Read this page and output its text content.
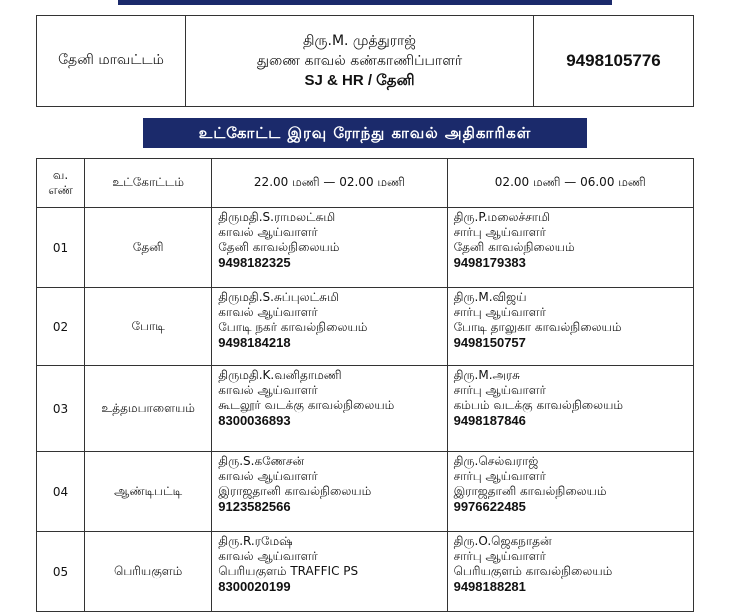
தேனி மாவட்டம்	
திரு.M. முத்துராஜ்
துணை காவல் கண்காணிப்பாளர்
SJ & HR / தேனி
	9498105776
உட்கோட்ட இரவு ரோந்து காவல் அதிகாரிகள்
வ.
எண்	உட்கோட்டம்	22.00 மணி — 02.00 மணி	02.00 மணி — 06.00 மணி
01	தேனி	திருமதி.S.ராமலட்சுமி
காவல் ஆய்வாளர்
தேனி காவல்நிலையம்
9498182325	திரு.P.மலைச்சாமி
சார்பு ஆய்வாளர்
தேனி காவல்நிலையம்
9498179383

02	போடி	திருமதி.S.சுப்புலட்சுமி
காவல் ஆய்வாளர்
போடி நகர் காவல்நிலையம்
9498184218	திரு.M.விஜய்
சார்பு ஆய்வாளர்
போடி தாலுகா காவல்நிலையம்
9498150757

03	உத்தமபாளையம்	திருமதி.K.வனிதாமணி
காவல் ஆய்வாளர்
கூடலூர் வடக்கு காவல்நிலையம்
8300036893	திரு.M.அரசு
சார்பு ஆய்வாளர்
கம்பம் வடக்கு காவல்நிலையம்
9498187846

04	ஆண்டிபட்டி	திரு.S.கணேசன்
காவல் ஆய்வாளர்
இராஜதானி காவல்நிலையம்
9123582566	திரு.செல்வராஜ்
சார்பு ஆய்வாளர்
இராஜதானி காவல்நிலையம்
9976622485

05	பெரியகுளம்	திரு.R.ரமேஷ்
காவல் ஆய்வாளர்
பெரியகுளம் TRAFFIC PS
8300020199	திரு.O.ஜெகநாதன்
சார்பு ஆய்வாளர்
பெரியகுளம் காவல்நிலையம்
9498188281
